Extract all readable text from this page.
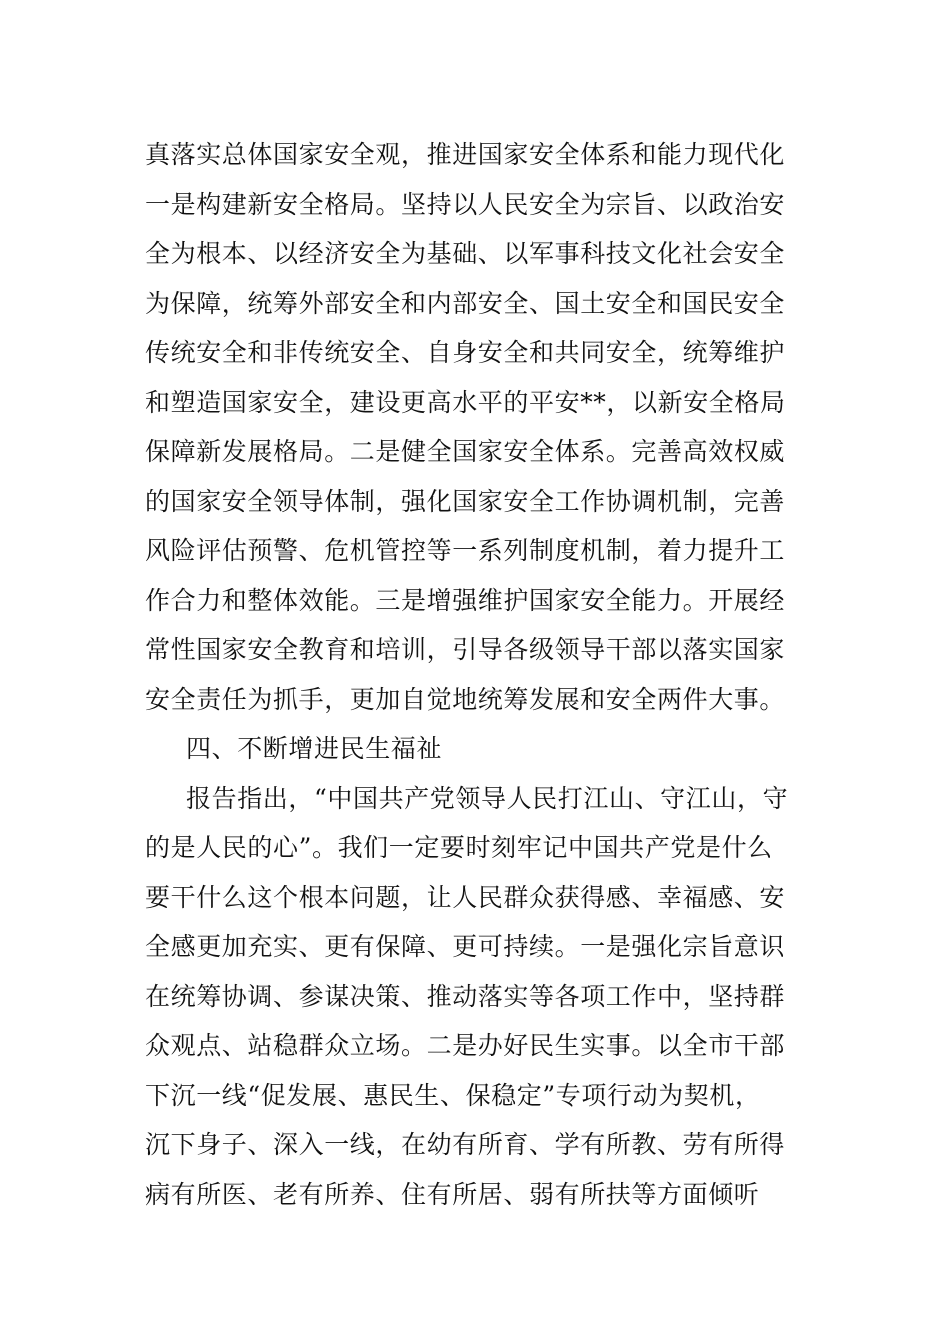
真落实总体国家安全观，推进国家安全体系和能力现代化
一是构建新安全格局。坚持以人民安全为宗旨、以政治安
全为根本、以经济安全为基础、以军事科技文化社会安全
为保障，统筹外部安全和内部安全、国土安全和国民安全
传统安全和非传统安全、自身安全和共同安全，统筹维护
和塑造国家安全，建设更高水平的平安**，以新安全格局
保障新发展格局。二是健全国家安全体系。完善高效权威
的国家安全领导体制，强化国家安全工作协调机制，完善
风险评估预警、危机管控等一系列制度机制，着力提升工
作合力和整体效能。三是增强维护国家安全能力。开展经
常性国家安全教育和培训，引导各级领导干部以落实国家
安全责任为抓手，更加自觉地统筹发展和安全两件大事。
四、不断增进民生福祉
报告指出，“中国共产党领导人民打江山、守江山，守
的是人民的心”。我们一定要时刻牢记中国共产党是什么
要干什么这个根本问题，让人民群众获得感、幸福感、安
全感更加充实、更有保障、更可持续。一是强化宗旨意识
在统筹协调、参谋决策、推动落实等各项工作中，坚持群
众观点、站稳群众立场。二是办好民生实事。以全市干部
下沉一线“促发展、惠民生、保稳定”专项行动为契机，
沉下身子、深入一线，在幼有所育、学有所教、劳有所得
病有所医、老有所养、住有所居、弱有所扶等方面倾听
